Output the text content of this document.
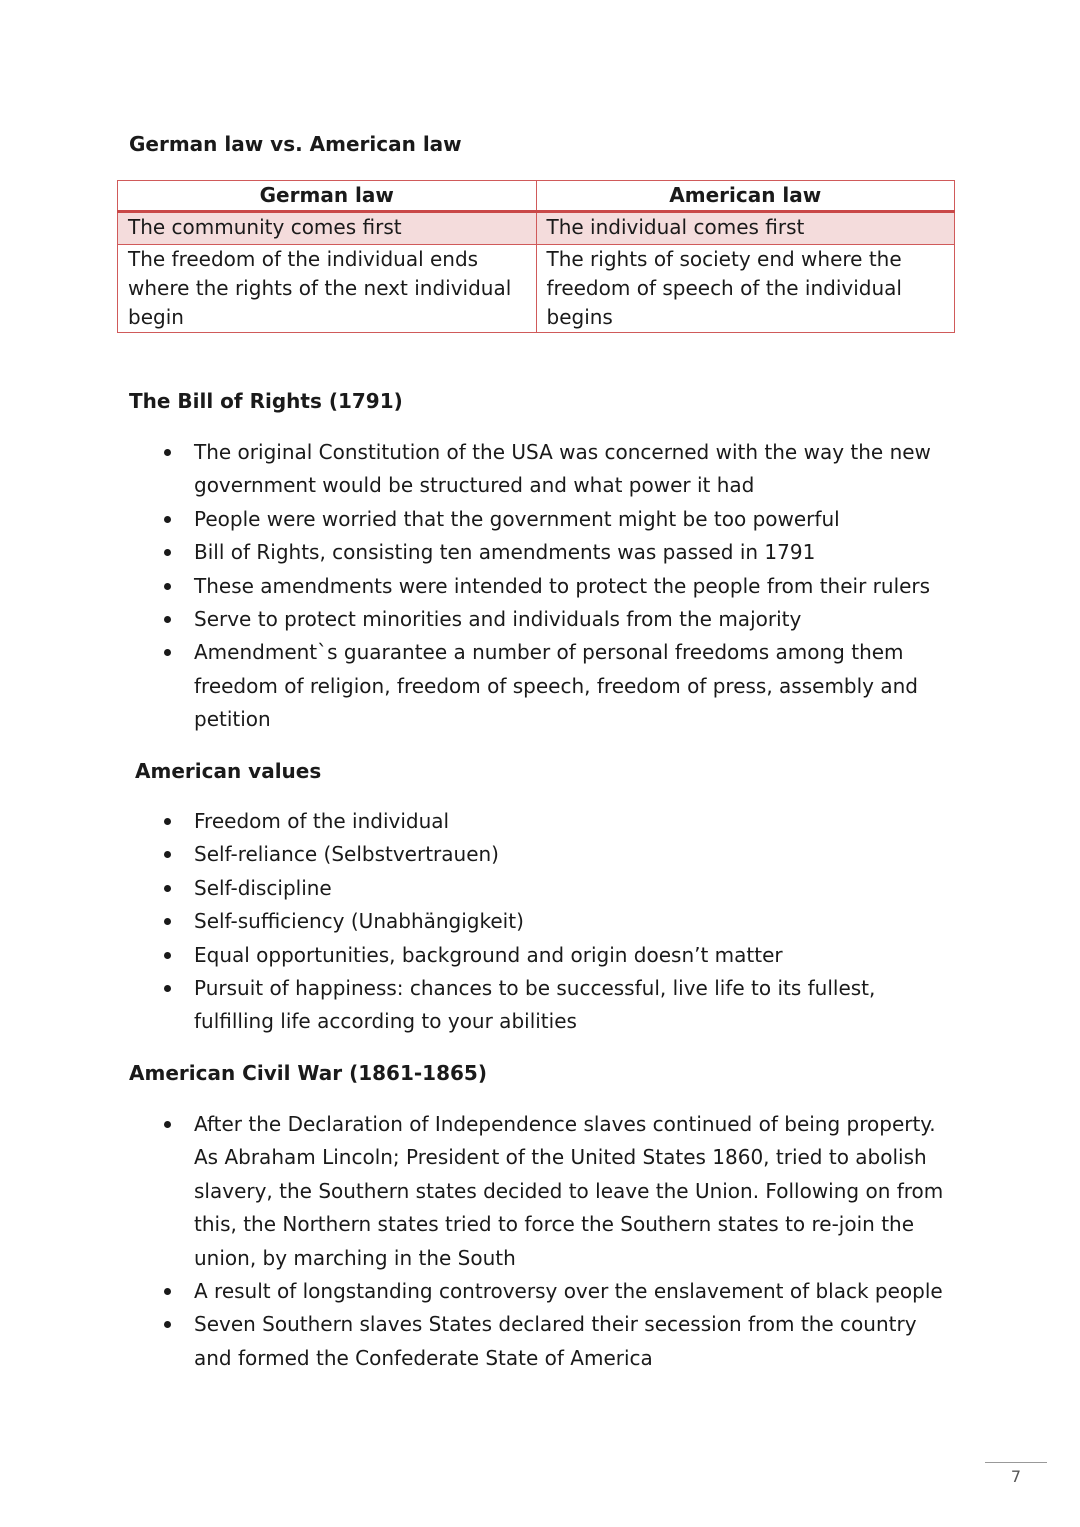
German law vs. American law
German law	American law
The community comes first	The individual comes first
The freedom of the individual ends where the rights of the next individual begin	The rights of society end where the freedom of speech of the individual begins
The Bill of Rights (1791)
The original Constitution of the USA was concerned with the way the new government would be structured and what power it had
People were worried that the government might be too powerful
Bill of Rights, consisting ten amendments was passed in 1791
These amendments were intended to protect the people from their rulers
Serve to protect minorities and individuals from the majority
Amendment`s guarantee a number of personal freedoms among them freedom of religion, freedom of speech, freedom of press, assembly and petition
American values
Freedom of the individual
Self-reliance (Selbstvertrauen)
Self-discipline
Self-sufficiency (Unabhängigkeit)
Equal opportunities, background and origin doesn’t matter
Pursuit of happiness: chances to be successful, live life to its fullest, fulfilling life according to your abilities
American Civil War (1861-1865)
After the Declaration of Independence slaves continued of being property. As Abraham Lincoln; President of the United States 1860, tried to abolish slavery, the Southern states decided to leave the Union. Following on from this, the Northern states tried to force the Southern states to re-join the union, by marching in the South
A result of longstanding controversy over the enslavement of black people
Seven Southern slaves States declared their secession from the country and formed the Confederate State of America
7
